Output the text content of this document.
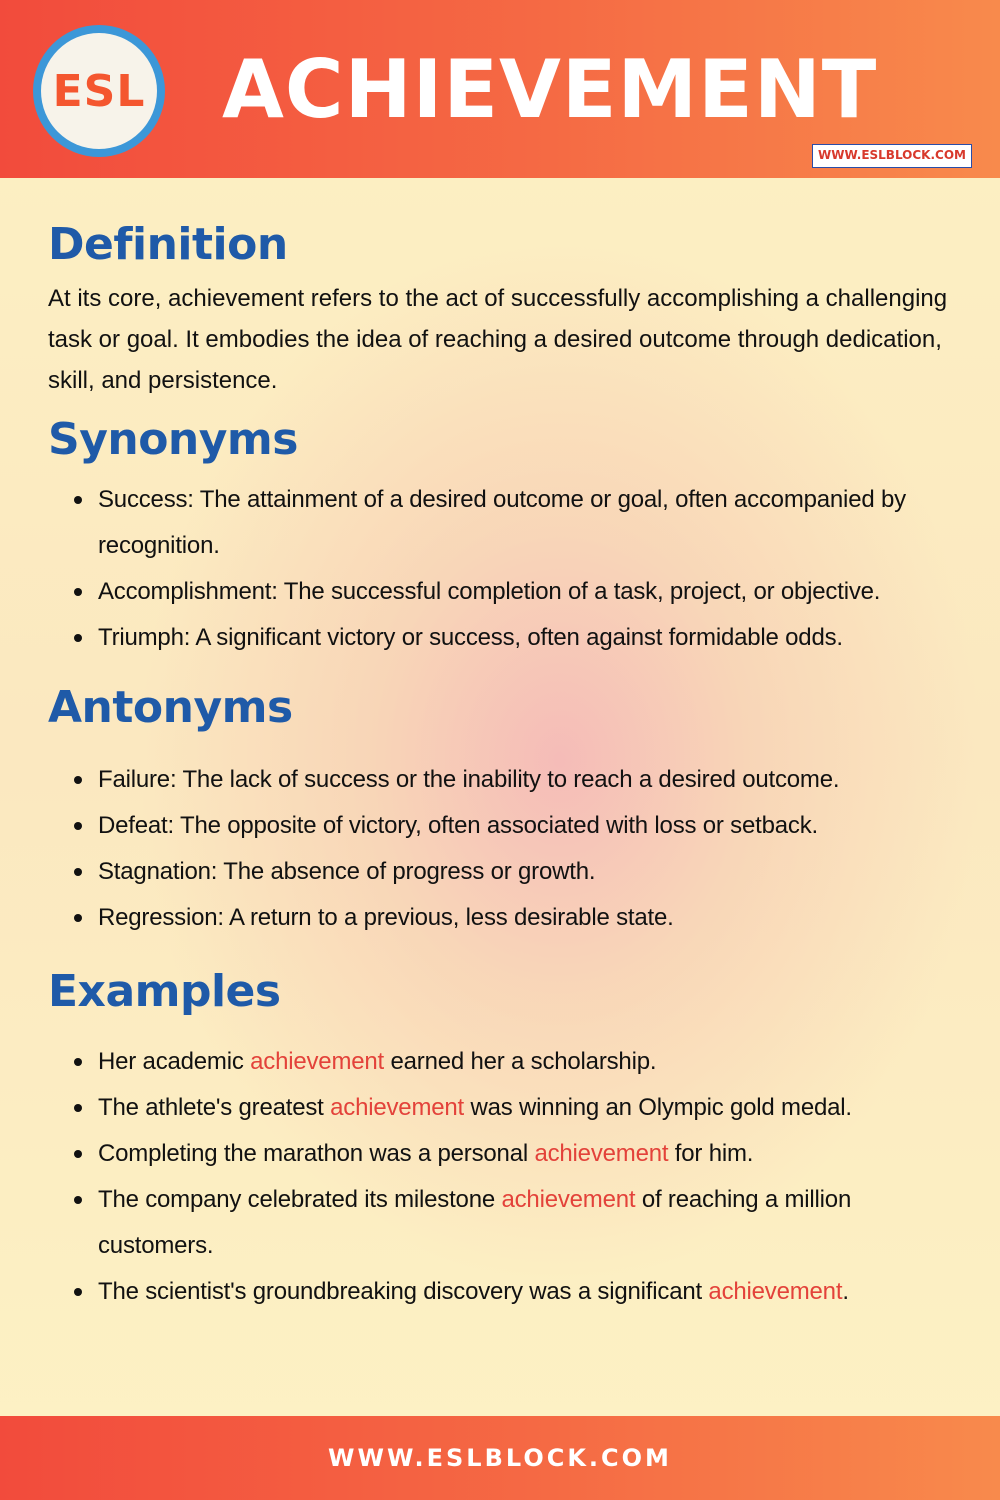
ESL ACHIEVEMENT
WWW.ESLBLOCK.COM
Definition

At its core, achievement refers to the act of successfully accomplishing a challenging task or goal. It embodies the idea of reaching a desired outcome through dedication, skill, and persistence.

Synonyms
Success: The attainment of a desired outcome or goal, often accompanied by recognition.
Accomplishment: The successful completion of a task, project, or objective.
Triumph: A significant victory or success, often against formidable odds.
Antonyms
Failure: The lack of success or the inability to reach a desired outcome.
Defeat: The opposite of victory, often associated with loss or setback.
Stagnation: The absence of progress or growth.
Regression: A return to a previous, less desirable state.
Examples
Her academic achievement earned her a scholarship.
The athlete's greatest achievement was winning an Olympic gold medal.
Completing the marathon was a personal achievement for him.
The company celebrated its milestone achievement of reaching a million customers.
The scientist's groundbreaking discovery was a significant achievement.
WWW.ESLBLOCK.COM
